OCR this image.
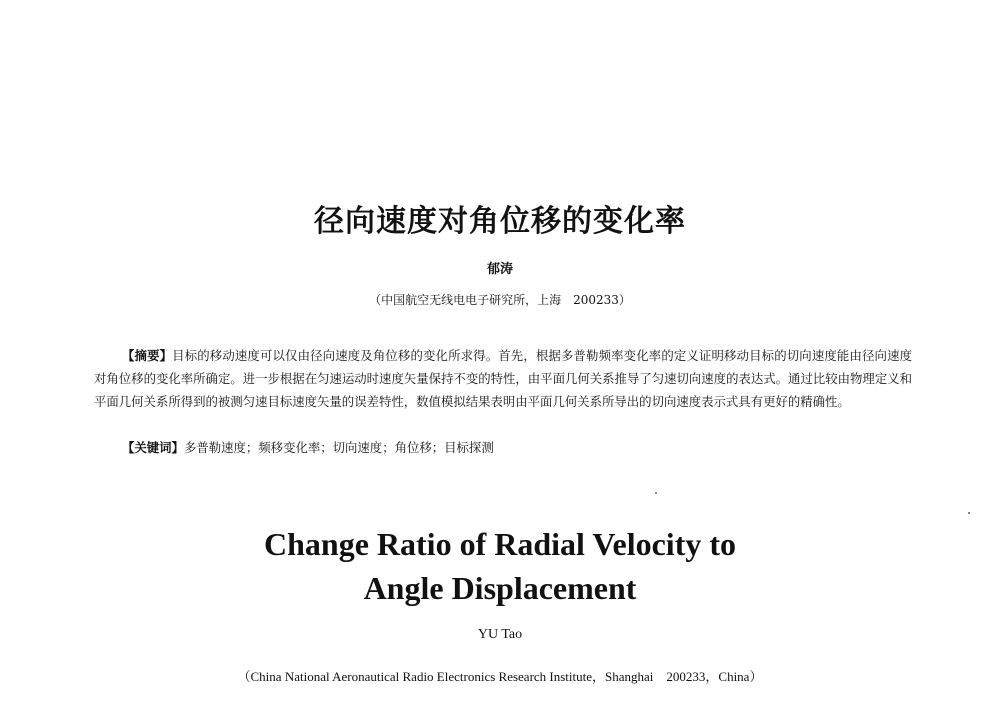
径向速度对角位移的变化率
郁涛
（中国航空无线电电子研究所，上海　200233）
【摘要】目标的移动速度可以仅由径向速度及角位移的变化所求得。首先，根据多普勒频率变化率的定义证明移动目标的切向速度能由径向速度对角位移的变化率所确定。进一步根据在匀速运动时速度矢量保持不变的特性，由平面几何关系推导了匀速切向速度的表达式。通过比较由物理定义和平面几何关系所得到的被测匀速目标速度矢量的误差特性，数值模拟结果表明由平面几何关系所导出的切向速度表示式具有更好的精确性。
【关键词】多普勒速度；频移变化率；切向速度；角位移；目标探测
Change Ratio of Radial Velocity to
Angle Displacement
YU Tao
（China National Aeronautical Radio Electronics Research Institute，Shanghai　200233，China）
